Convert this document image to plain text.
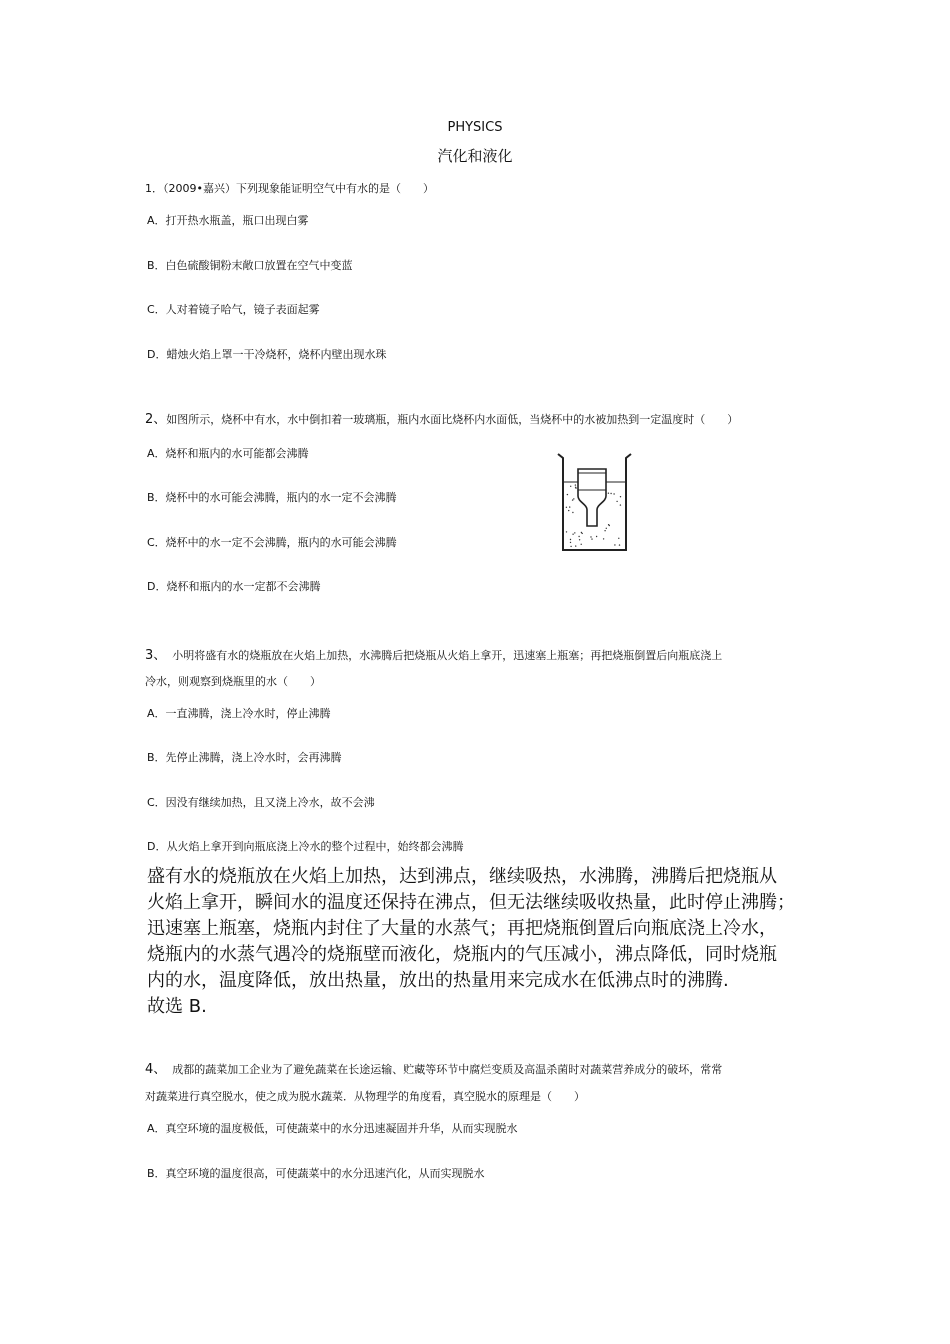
PHYSICS
汽化和液化
1．（2009•嘉兴）下列现象能证明空气中有水的是（　　）
A．打开热水瓶盖，瓶口出现白雾
B．白色硫酸铜粉末敞口放置在空气中变蓝
C．人对着镜子哈气，镜子表面起雾
D．蜡烛火焰上罩一干冷烧杯，烧杯内壁出现水珠
2、如图所示，烧杯中有水，水中倒扣着一玻璃瓶，瓶内水面比烧杯内水面低，当烧杯中的水被加热到一定温度时（　　）
A．烧杯和瓶内的水可能都会沸腾
B．烧杯中的水可能会沸腾，瓶内的水一定不会沸腾
C．烧杯中的水一定不会沸腾，瓶内的水可能会沸腾
D．烧杯和瓶内的水一定都不会沸腾
3、 小明将盛有水的烧瓶放在火焰上加热，水沸腾后把烧瓶从火焰上拿开，迅速塞上瓶塞；再把烧瓶倒置后向瓶底浇上
冷水，则观察到烧瓶里的水（　　）
A．一直沸腾，浇上冷水时，停止沸腾
B．先停止沸腾，浇上冷水时，会再沸腾
C．因没有继续加热，且又浇上冷水，故不会沸
D．从火焰上拿开到向瓶底浇上冷水的整个过程中，始终都会沸腾
盛有水的烧瓶放在火焰上加热，达到沸点，继续吸热，水沸腾，沸腾后把烧瓶从
火焰上拿开，瞬间水的温度还保持在沸点，但无法继续吸收热量，此时停止沸腾；
迅速塞上瓶塞，烧瓶内封住了大量的水蒸气；再把烧瓶倒置后向瓶底浇上冷水，
烧瓶内的水蒸气遇冷的烧瓶壁而液化，烧瓶内的气压减小，沸点降低，同时烧瓶
内的水，温度降低，放出热量，放出的热量用来完成水在低沸点时的沸腾.
故选 B.
4、 成都的蔬菜加工企业为了避免蔬菜在长途运输、贮藏等环节中腐烂变质及高温杀菌时对蔬菜营养成分的破坏，常常
对蔬菜进行真空脱水，使之成为脱水蔬菜．从物理学的角度看，真空脱水的原理是（　　）
A．真空环境的温度极低，可使蔬菜中的水分迅速凝固并升华，从而实现脱水
B．真空环境的温度很高，可使蔬菜中的水分迅速汽化，从而实现脱水
